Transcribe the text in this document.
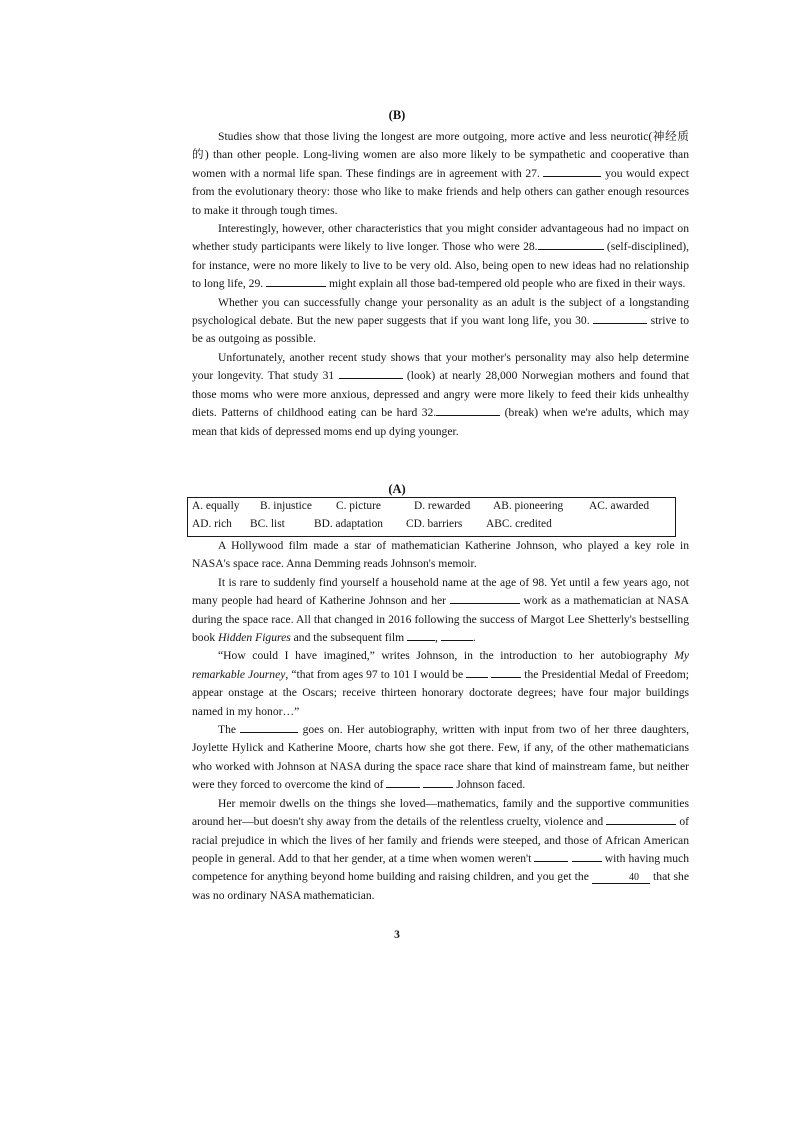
(B)

Studies show that those living the longest are more outgoing, more active and less neurotic(神经质的) than other people. Long-living women are also more likely to be sympathetic and cooperative than women with a normal life span. These findings are in agreement with 27.	you would expect from the evolutionary theory: those who like to make friends and help others can gather enough resources to make it through tough times.

Interestingly, however, other characteristics that you might consider advantageous had no impact on whether study participants were likely to live longer. Those who were 28.	(self-disciplined), for instance, were no more likely to live to be very old. Also, being open to new ideas had no relationship to long life, 29.	might explain all those bad-tempered old people who are fixed in their ways.

Whether you can successfully change your personality as an adult is the subject of a longstanding psychological debate. But the new paper suggests that if you want long life, you 30.	strive to be as outgoing as possible.

Unfortunately, another recent study shows that your mother's personality may also help determine your longevity. That study 31	(look) at nearly 28,000 Norwegian mothers and found that those moms who were more anxious, depressed and angry were more likely to feed their kids unhealthy diets. Patterns of childhood eating can be hard 32.	(break) when we're adults, which may mean that kids of depressed moms end up dying younger.

(A)
A. equally B. injustice C. picture	D. rewarded AB. pioneering AC. awarded
AD. rich BC. list	BD. adaptation CD. barriers ABC. credited

A Hollywood film made a star of mathematician Katherine Johnson, who played a key role in NASA's space race. Anna Demming reads Johnson's memoir.

It is rare to suddenly find yourself a household name at the age of 98. Yet until a few years ago, not many people had heard of Katherine Johnson and her	work as a mathematician at NASA during the space race. All that changed in 2016 following the success of Margot Lee Shetterly's bestselling book Hidden Figures and the subsequent film ,	.

“How could I have imagined,” writes Johnson, in the introduction to her autobiography My remarkable Journey, “that from ages 97 to 101 I would be	the Presidential Medal of Freedom; appear onstage at the Oscars; receive thirteen honorary doctorate degrees; have four major buildings named in my honor…”

The	goes on. Her autobiography, written with input from two of her three daughters, Joylette Hylick and Katherine Moore, charts how she got there. Few, if any, of the other mathematicians who worked with Johnson at NASA during the space race share that kind of mainstream fame, but neither were they forced to overcome the kind of	Johnson faced.

Her memoir dwells on the things she loved—mathematics, family and the supportive communities around her—but doesn't shy away from the details of the relentless cruelty, violence and	of racial prejudice in which the lives of her family and friends were steeped, and those of African American people in general. Add to that her gender, at a time when women weren't	with having much competence for anything beyond home building and raising children, and you get the	40 that she was no ordinary NASA mathematician.

3
